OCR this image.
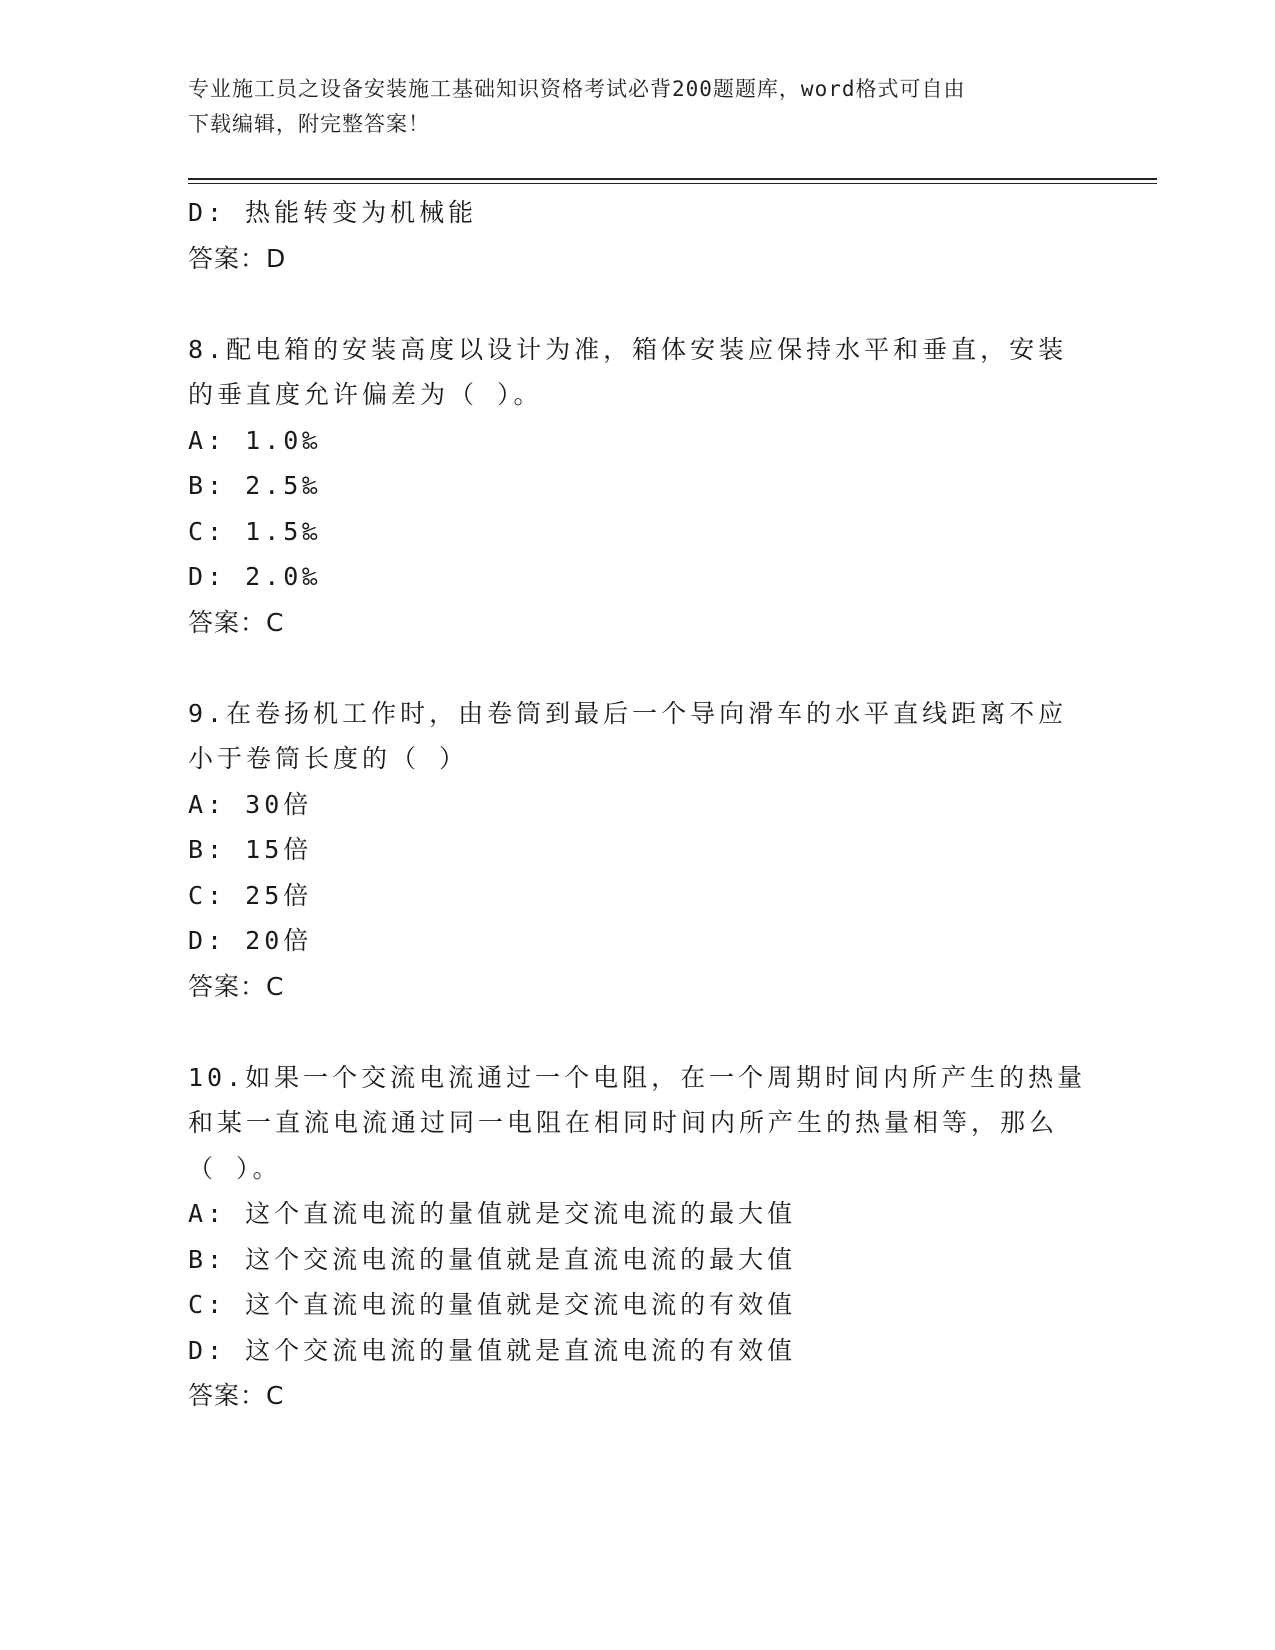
专业施工员之设备安装施工基础知识资格考试必背200题题库，word格式可自由
下载编辑，附完整答案！
D: 热能转变为机械能
答案：D
8.配电箱的安装高度以设计为准，箱体安装应保持水平和垂直，安装
的垂直度允许偏差为（ ）。
A: 1.0‰
B: 2.5‰
C: 1.5‰
D: 2.0‰
答案：C
9.在卷扬机工作时，由卷筒到最后一个导向滑车的水平直线距离不应
小于卷筒长度的（ ）
A: 30倍
B: 15倍
C: 25倍
D: 20倍
答案：C
10.如果一个交流电流通过一个电阻，在一个周期时间内所产生的热量
和某一直流电流通过同一电阻在相同时间内所产生的热量相等，那么
（ ）。
A: 这个直流电流的量值就是交流电流的最大值
B: 这个交流电流的量值就是直流电流的最大值
C: 这个直流电流的量值就是交流电流的有效值
D: 这个交流电流的量值就是直流电流的有效值
答案：C
